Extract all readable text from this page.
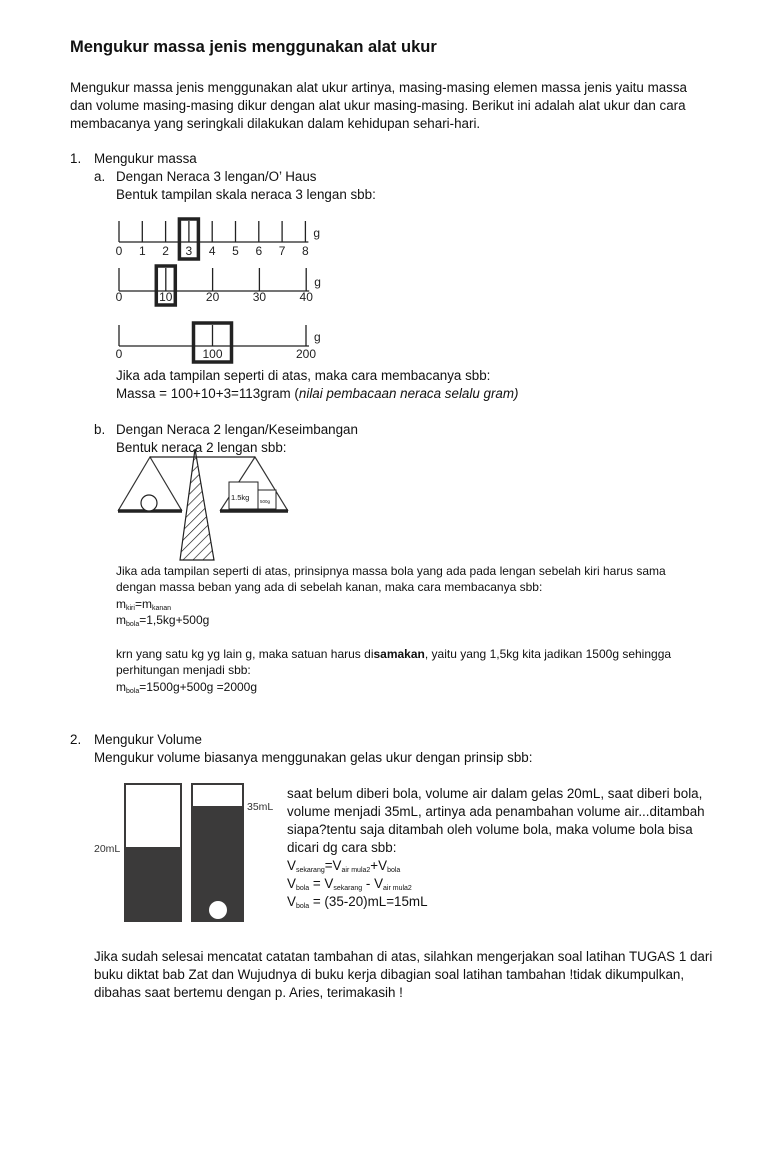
Mengukur massa jenis menggunakan alat ukur
Mengukur massa jenis menggunakan alat ukur artinya, masing-masing elemen massa jenis yaitu massa
dan volume masing-masing dikur dengan alat ukur masing-masing. Berikut ini adalah alat ukur dan cara
membacanya yang seringkali dilakukan dalam kehidupan sehari-hari.
1. Mengukur massa
a. Dengan Neraca 3 lengan/O’ Haus
Bentuk tampilan skala neraca 3 lengan sbb:
0 1 2 3 4 5 6 7 8
g
0	10	20	30	40
g
0	100	200
g
Jika ada tampilan seperti di atas, maka cara membacanya sbb:
Massa = 100+10+3=113gram (nilai pembacaan neraca selalu gram)
b. Dengan Neraca 2 lengan/Keseimbangan
Bentuk neraca 2 lengan sbb:
1.5kg 500g
Jika ada tampilan seperti di atas, prinsipnya massa bola yang ada pada lengan sebelah kiri harus sama
dengan massa beban yang ada di sebelah kanan, maka cara membacanya sbb:
$m_{kiri}=m_{kanan}$
$m_{bola}=1,5kg+500g$
krn yang satu kg yg lain g, maka satuan harus disamakan, yaitu yang 1,5kg kita jadikan 1500g sehingga
perhitungan menjadi sbb:
$m_{bola}=1500g+500g =2000g$
2. Mengukur Volume
Mengukur volume biasanya menggunakan gelas ukur dengan prinsip sbb:
20mL
35mL
saat belum diberi bola, volume air dalam gelas 20mL, saat diberi bola,
volume menjadi 35mL, artinya ada penambahan volume air...ditambah
siapa?tentu saja ditambah oleh volume bola, maka volume bola bisa
dicari dg cara sbb:
$V_{sekarang}=V_{air mula2}+V_{bola}$
$V_{bola} = V_{sekarang} - V_{air mula2}$
$V_{bola} = (35-20)mL=15mL$
Jika sudah selesai mencatat catatan tambahan di atas, silahkan mengerjakan soal latihan TUGAS 1 dari
buku diktat bab Zat dan Wujudnya di buku kerja dibagian soal latihan tambahan !tidak dikumpulkan,
dibahas saat bertemu dengan p. Aries, terimakasih !
